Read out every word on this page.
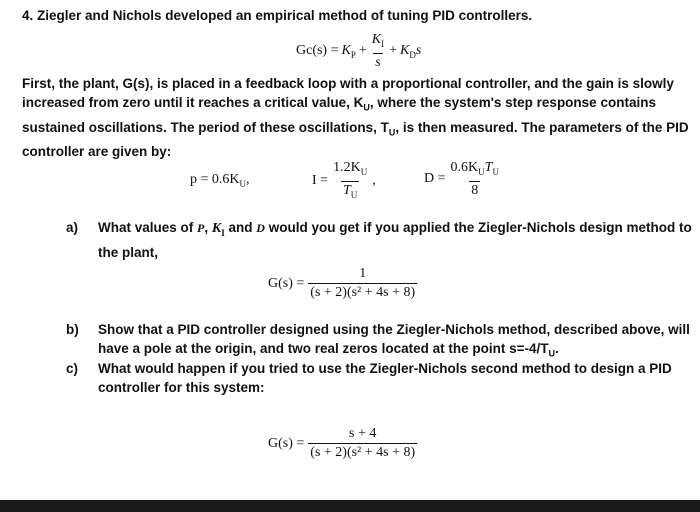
4. Ziegler and Nichols developed an empirical method of tuning PID controllers.
$Gc(s) = K_P + \frac{K_I}{s} + K_Ds$
First, the plant, G(s), is placed in a feedback loop with a proportional controller, and the gain is slowly
increased from zero until it reaches a critical value, $K_U$, where the system's step response contains
sustained oscillations. The period of these oscillations, $T_U$, is then measured. The parameters of the PID
controller are given by:
$p = 0.6K_U$,	$I = \frac{1.2K_U}{T_U}$ ,	$D = \frac{0.6K_UT_U}{8}$
a) What values of P, $K_I$ and D would you get if you applied the Ziegler-Nichols design method to
the plant,
$G(s) = \frac{1}{\text{(s + 2)(s² + 4s + 8)}}$
b) Show that a PID controller designed using the Ziegler-Nichols method, described above, will
have a pole at the origin, and two real zeros located at the point $s=-4/T_U$.
c) What would happen if you tried to use the Ziegler-Nichols second method to design a PID
controller for this system:
$G(s) = \frac{s + 4}{\text{(s + 2)(s² + 4s + 8)}}$
